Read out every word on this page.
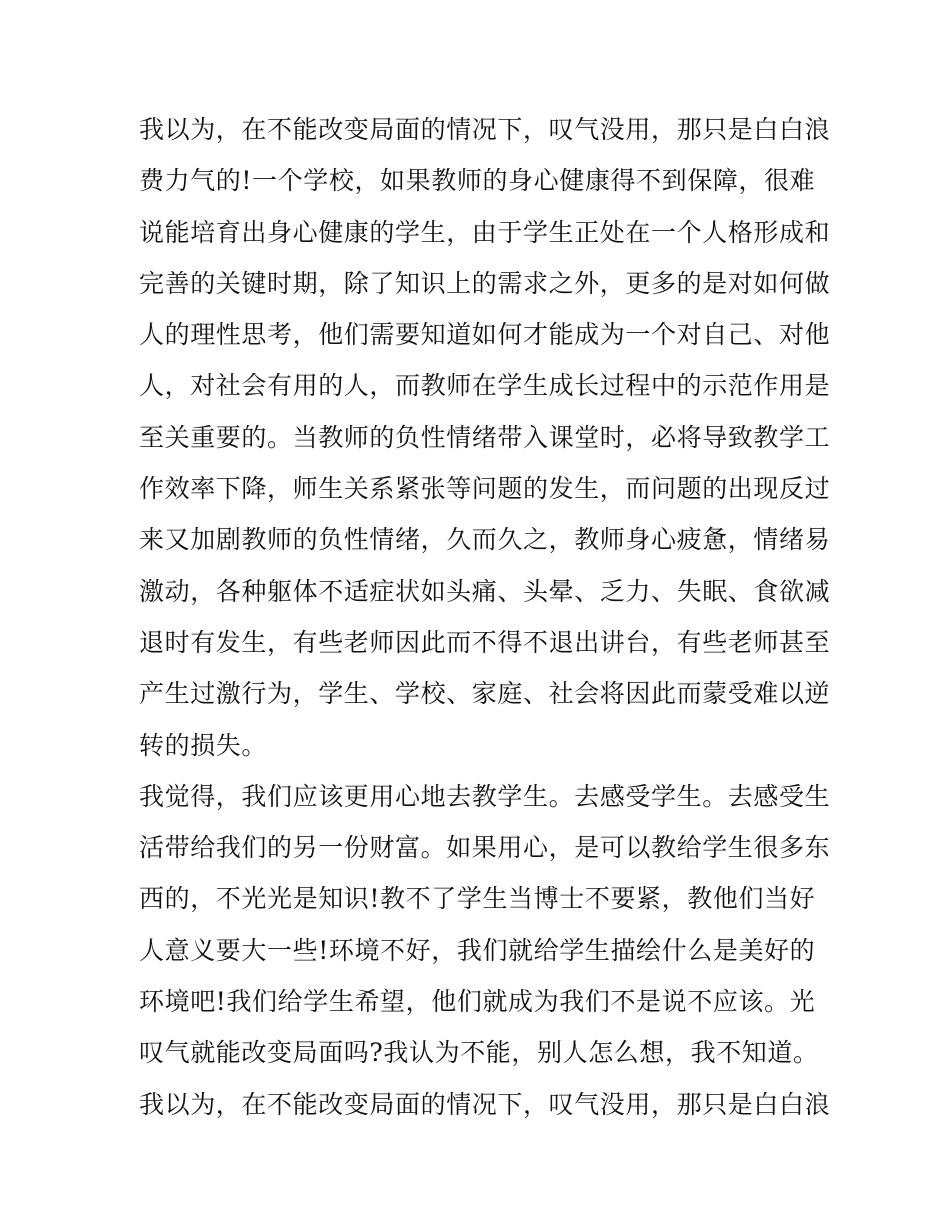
我以为，在不能改变局面的情况下，叹气没用，那只是白白浪
费力气的!一个学校，如果教师的身心健康得不到保障，很难
说能培育出身心健康的学生，由于学生正处在一个人格形成和
完善的关键时期，除了知识上的需求之外，更多的是对如何做
人的理性思考，他们需要知道如何才能成为一个对自己、对他
人，对社会有用的人，而教师在学生成长过程中的示范作用是
至关重要的。当教师的负性情绪带入课堂时，必将导致教学工
作效率下降，师生关系紧张等问题的发生，而问题的出现反过
来又加剧教师的负性情绪，久而久之，教师身心疲惫，情绪易
激动，各种躯体不适症状如头痛、头晕、乏力、失眠、食欲减
退时有发生，有些老师因此而不得不退出讲台，有些老师甚至
产生过激行为，学生、学校、家庭、社会将因此而蒙受难以逆
转的损失。
我觉得，我们应该更用心地去教学生。去感受学生。去感受生
活带给我们的另一份财富。如果用心，是可以教给学生很多东
西的，不光光是知识!教不了学生当博士不要紧，教他们当好
人意义要大一些!环境不好，我们就给学生描绘什么是美好的
环境吧!我们给学生希望，他们就成为我们不是说不应该。光
叹气就能改变局面吗?我认为不能，别人怎么想，我不知道。
我以为，在不能改变局面的情况下，叹气没用，那只是白白浪
